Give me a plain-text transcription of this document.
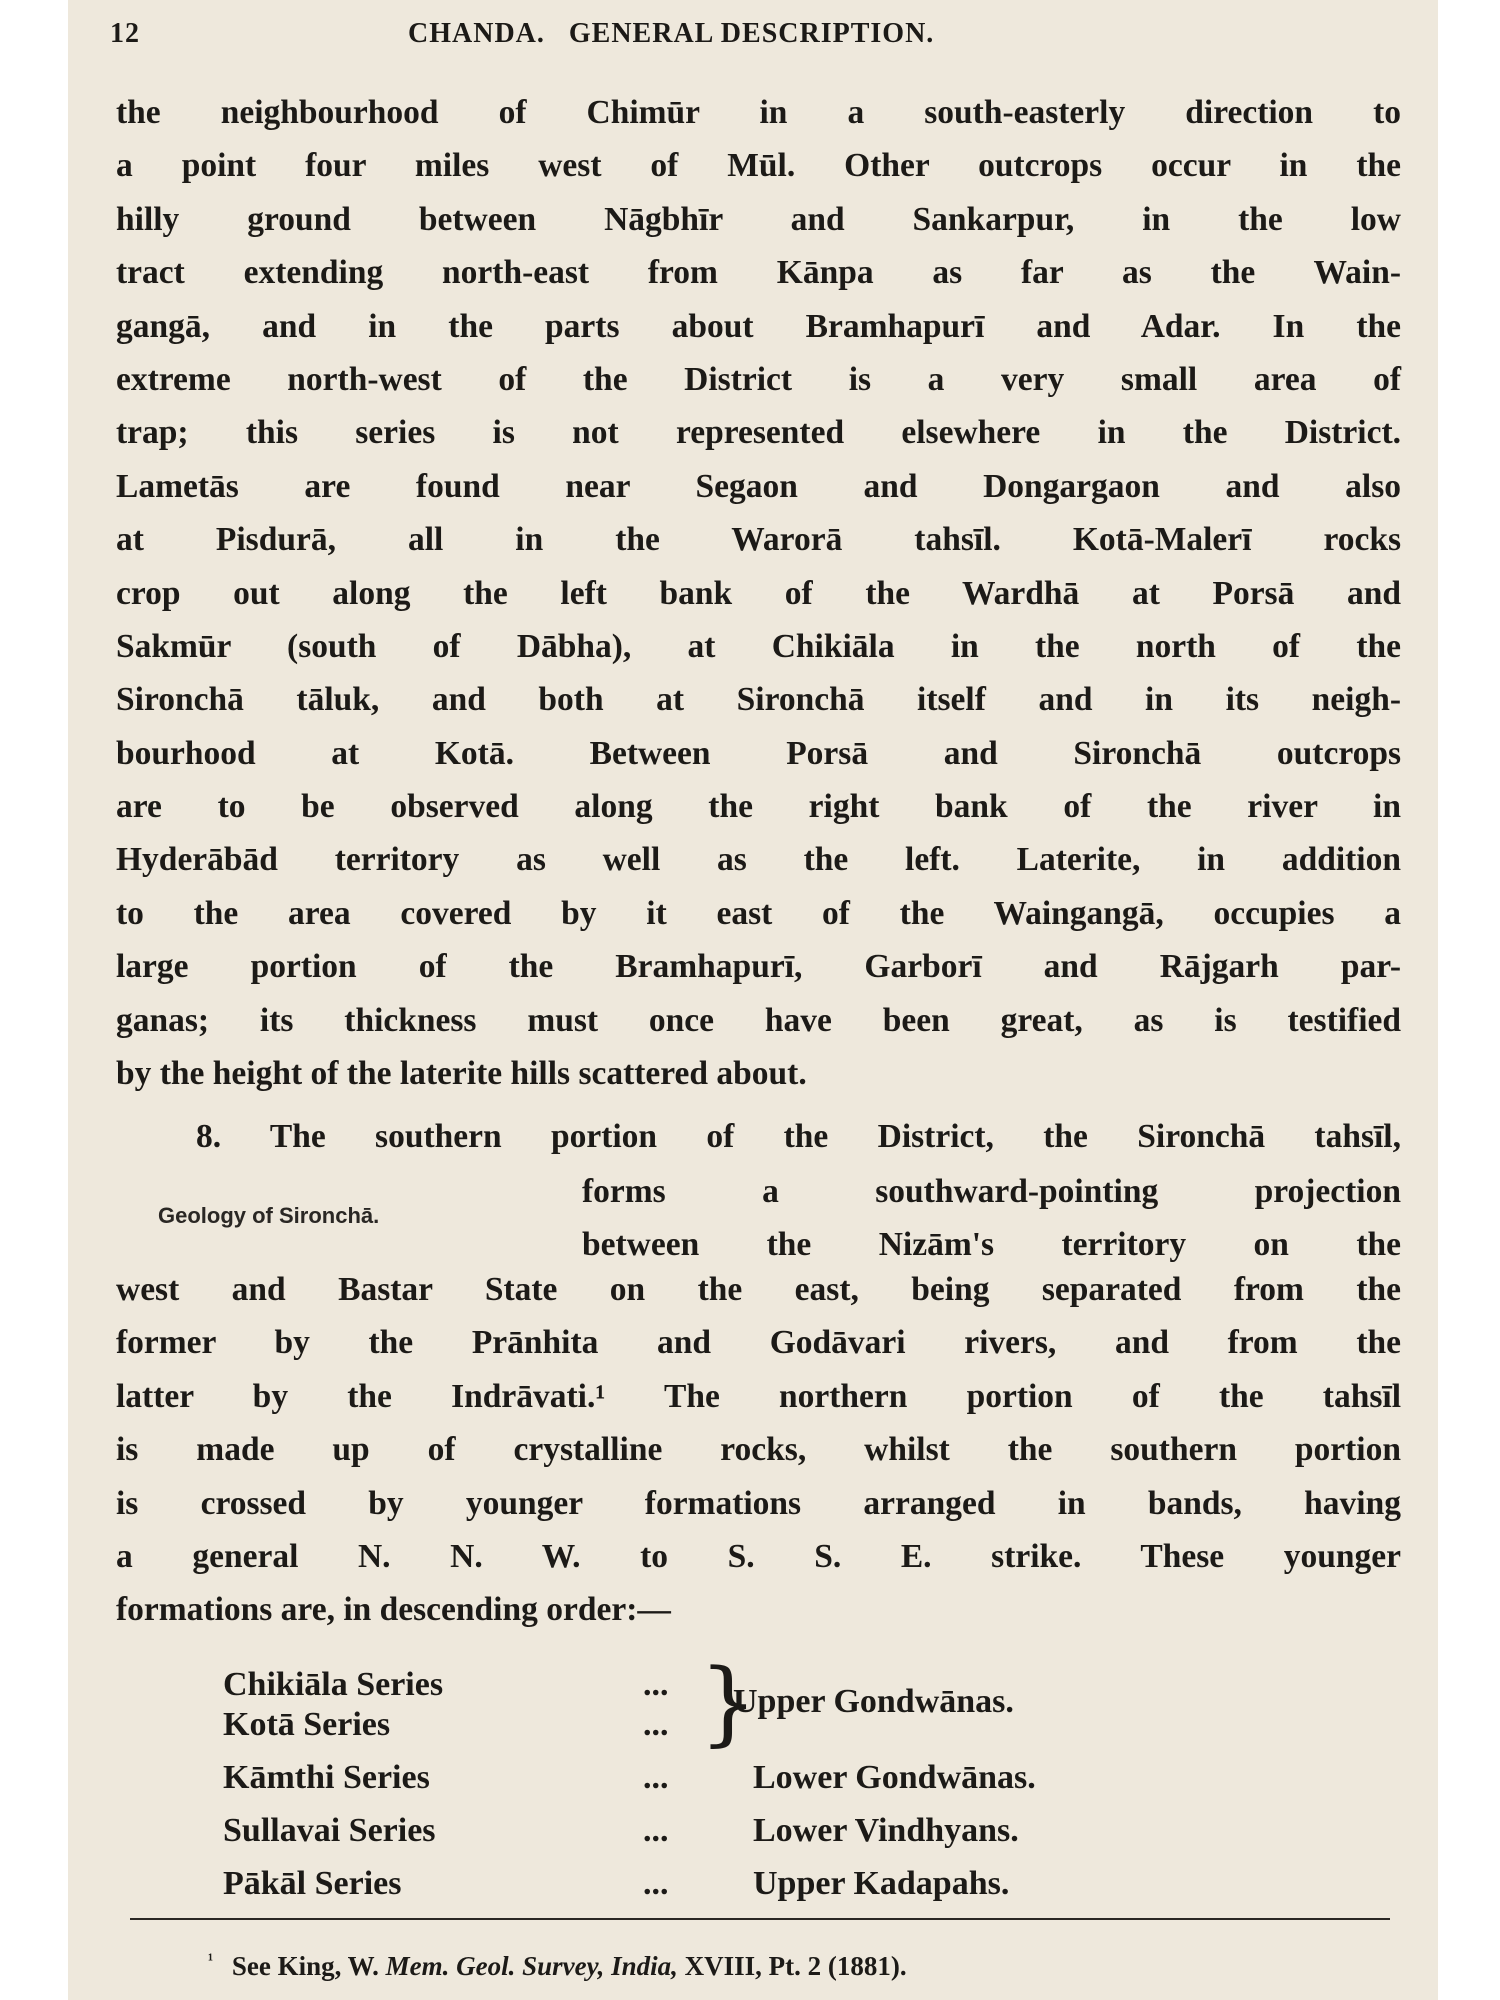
12	CHANDA.   GENERAL DESCRIPTION.
the neighbourhood of Chimūr in a south-easterly direction to
a point four miles west of Mūl. Other outcrops occur in the
hilly ground between Nāgbhīr and Sankarpur, in the low
tract extending north-east from Kānpa as far as the Wain-
gangā, and in the parts about Bramhapurī and Adar. In the
extreme north-west of the District is a very small area of
trap; this series is not represented elsewhere in the District.
Lametās are found near Segaon and Dongargaon and also
at Pisdurā, all in the Warorā tahsīl. Kotā-Malerī rocks
crop out along the left bank of the Wardhā at Porsā and
Sakmūr (south of Dābha), at Chikiāla in the north of the
Sironchā tāluk, and both at Sironchā itself and in its neigh-
bourhood at Kotā. Between Porsā and Sironchā outcrops
are to be observed along the right bank of the river in
Hyderābād territory as well as the left. Laterite, in addition
to the area covered by it east of the Waingangā, occupies a
large portion of the Bramhapurī, Garborī and Rājgarh par-
ganas; its thickness must once have been great, as is testified
by the height of the laterite hills scattered about.
8. The southern portion of the District, the Sironchā tahsīl,
Geology of Sironchā.
forms a southward-pointing projection
between the Nizām's territory on the
west and Bastar State on the east, being separated from the
former by the Prānhita and Godāvari rivers, and from the
latter by the Indrāvati.¹ The northern portion of the tahsīl
is made up of crystalline rocks, whilst the southern portion
is crossed by younger formations arranged in bands, having
a general N. N. W. to S. S. E. strike. These younger
formations are, in descending order:—
Chikiāla Series	...
Kotā Series	... }
Upper Gondwānas.
Kāmthi Series	...	Lower Gondwānas.
Sullavai Series	...	Lower Vindhyans.
Pākāl Series	...	Upper Kadapahs.
$^{^1}$ See King, W. Mem. Geol. Survey, India, XVIII, Pt. 2 (1881).
